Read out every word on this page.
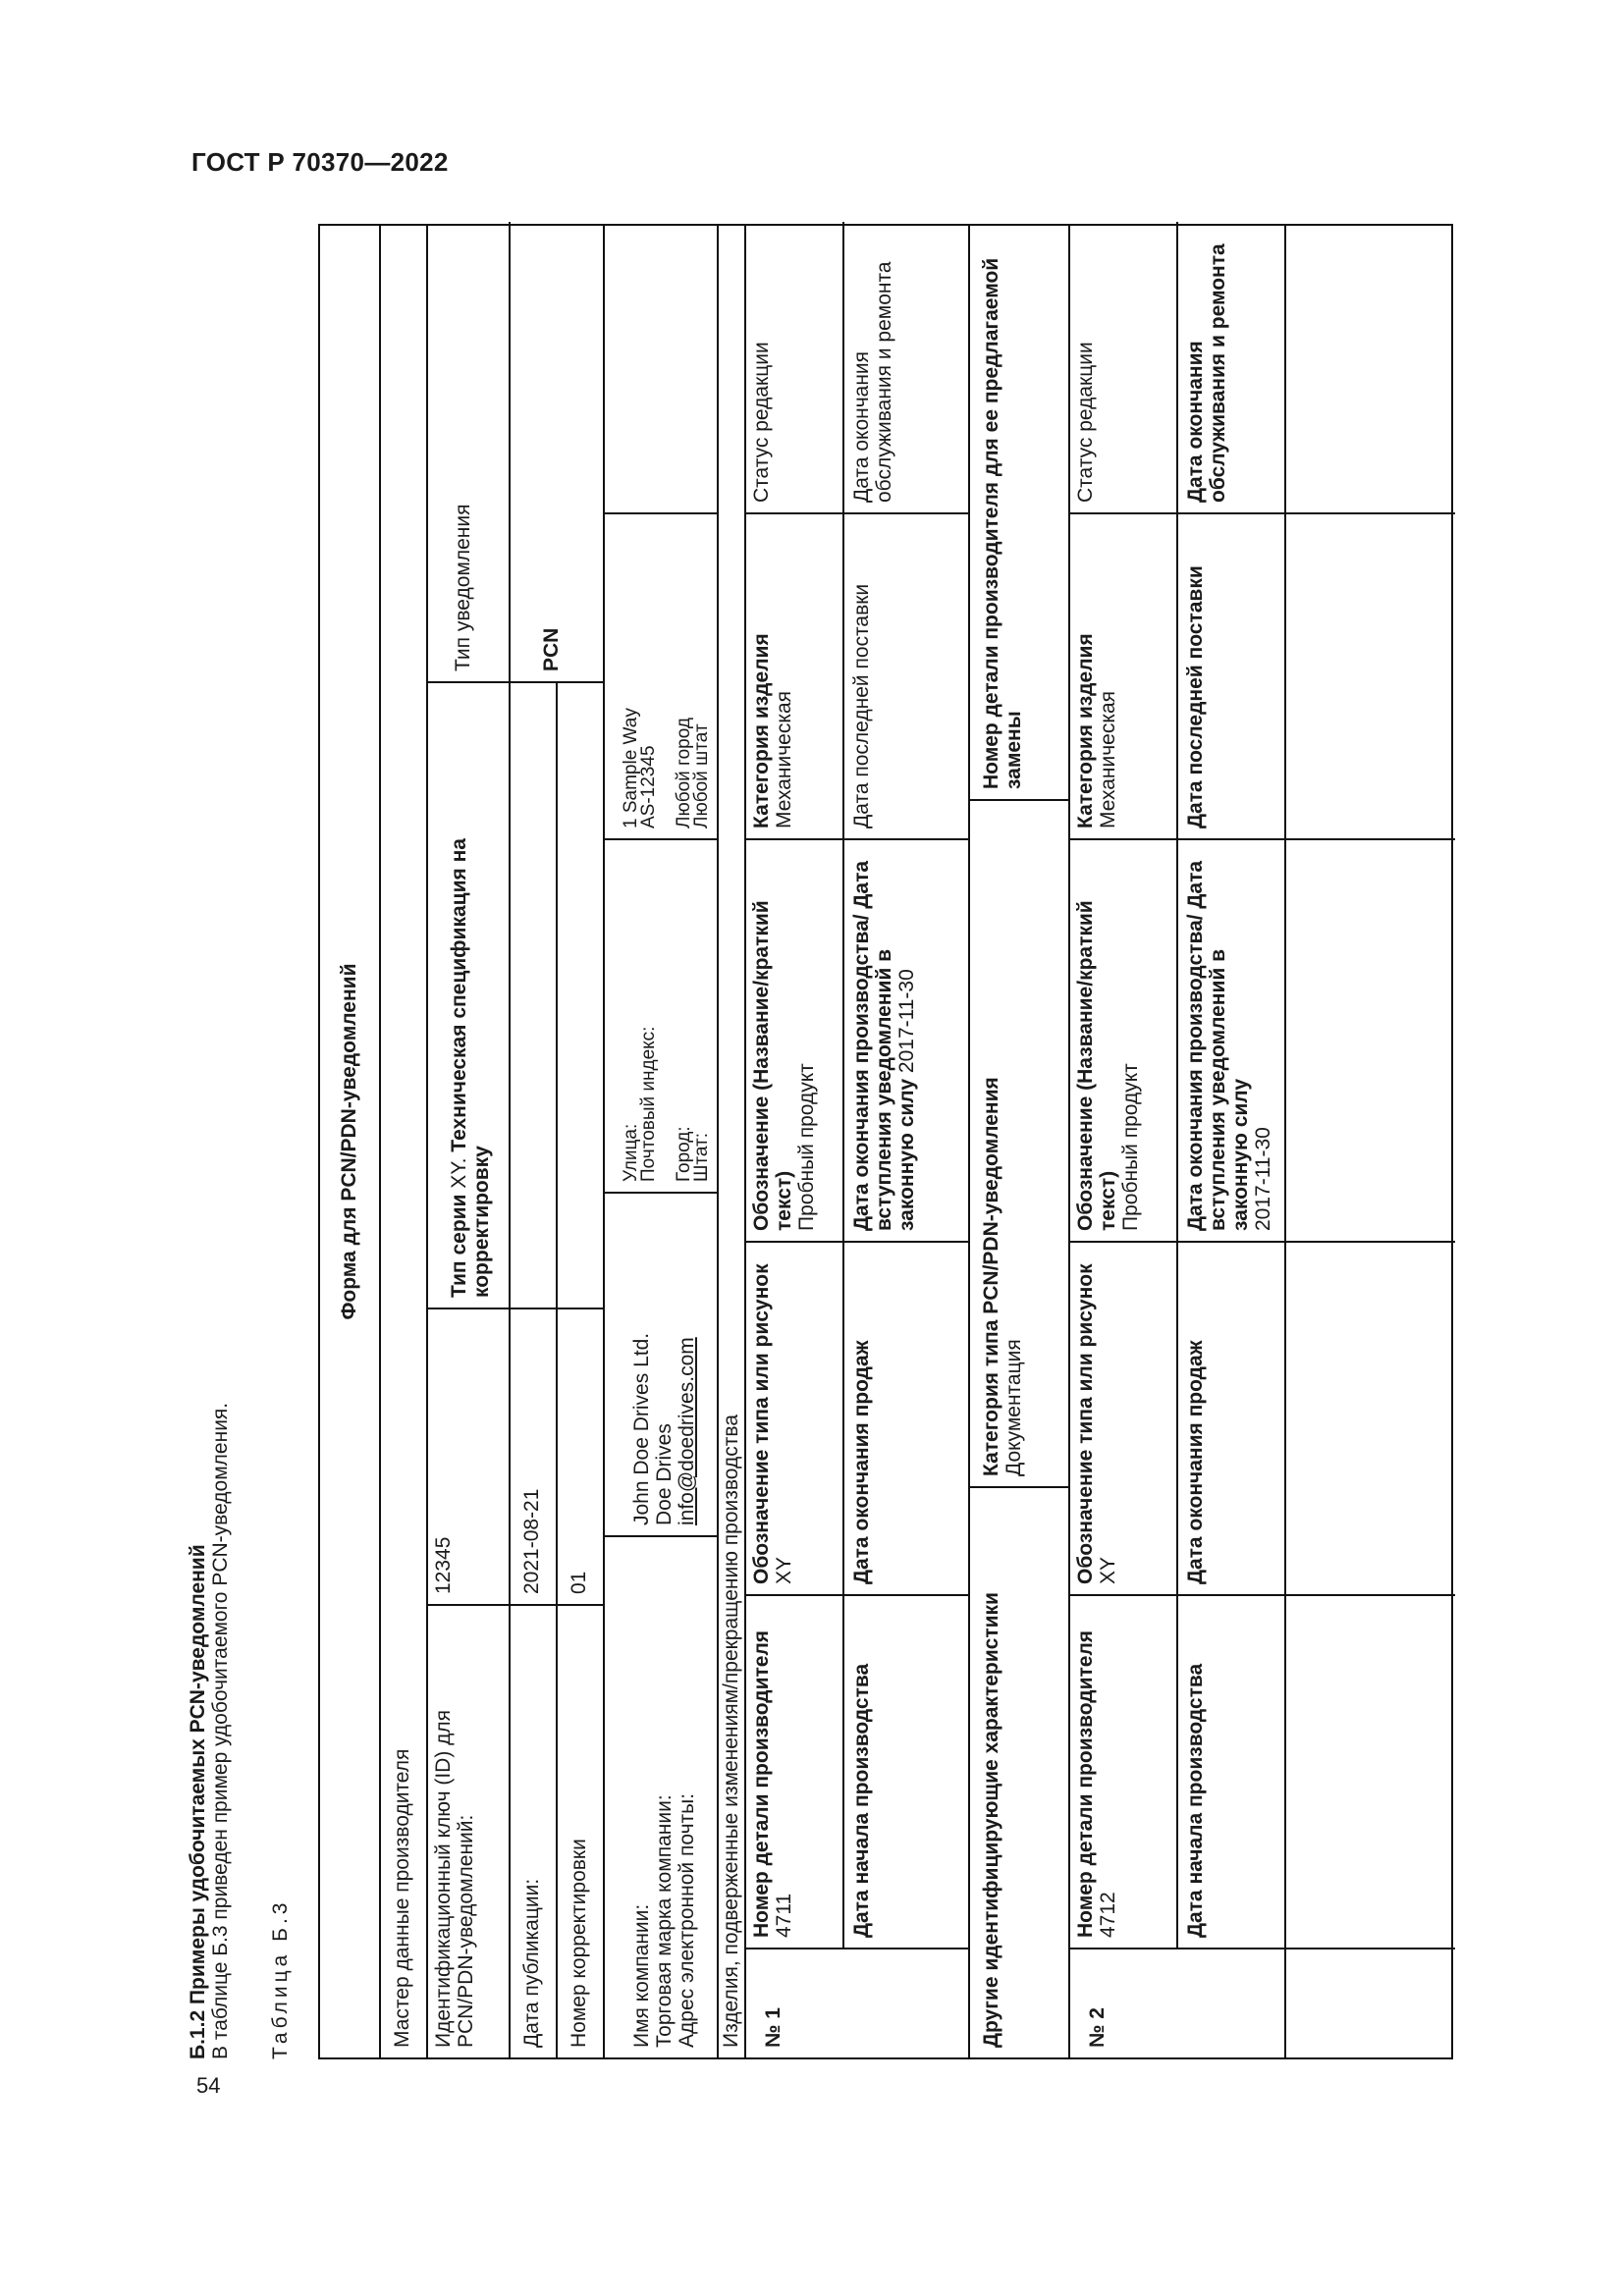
ГОСТ Р 70370—2022
54
Б.1.2 Примеры удобочитаемых PCN-уведомлений В таблице Б.3 приведен пример удобочитаемого PCN-уведомления. Таблица Б.3
Форма для PCN/PDN-уведомлений
Мастер данные производителя Идентификационный ключ (ID) для PCN/PDN-уведомлений:
12345
Тип серии XY. Техническая спецификация на корректировку
Тип уведомления	PCN
Дата публикации:
2021-08-21
Номер корректировки
01
Имя компании: Торговая марка компании: Адрес электронной почты:
John Doe Drives Ltd. Doe Drives info@doedrives.com
Улица:
Почтовый индекс: Город:
Штат:
1 Sample Way
AS-12345 Любой город
Любой штат
Изделия, подверженные изменениям/прекращению производства № 1
Номер детали производителя 4711
Обозначение типа или рисунок XY
Обозначение (Название/краткий текст) Пробный продукт
Категория изделия Механическая
Статус редакции
Дата начала производства
Дата окончания продаж
Дата окончания производства/ Дата вступления уведомлений в законную силу 2017-11-30
Дата последней поставки
Дата окончания обслуживания и ремонта
Другие идентифицирующие характеристики
Категория типа PCN/PDN-уведомления Документация
Номер детали производителя для ее предлагаемой замены
№ 2
Номер детали производителя 4712
Обозначение типа или рисунок XY
Обозначение (Название/краткий текст) Пробный продукт
Категория изделия Механическая
Статус редакции
Дата начала производства
Дата окончания продаж
Дата окончания производства/ Дата вступления уведомлений в законную силу 2017-11-30
Дата последней поставки
Дата окончания обслуживания и ремонта
